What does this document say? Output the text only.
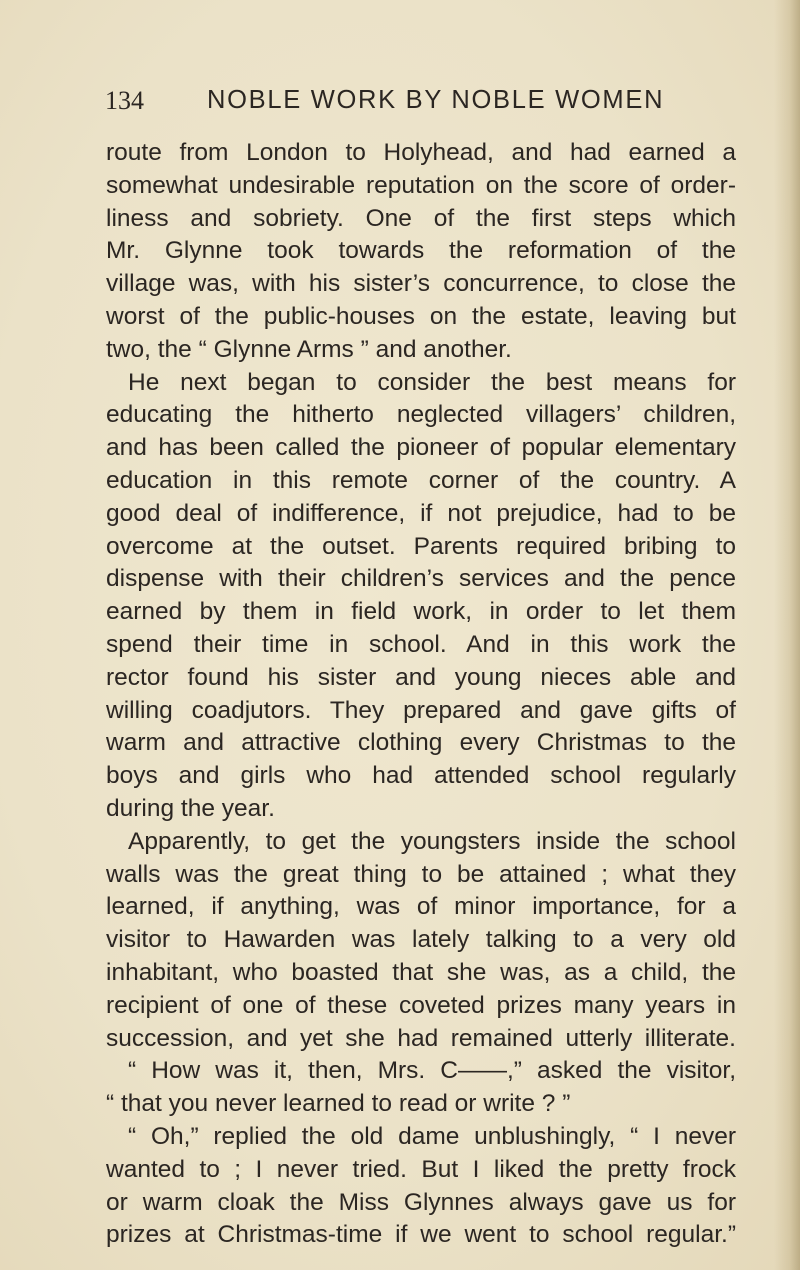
134 NOBLE WORK BY NOBLE WOMEN
route from London to Holyhead, and had earned a
somewhat undesirable reputation on the score of order-
liness and sobriety. One of the first steps which
Mr. Glynne took towards the reformation of the
village was, with his sister’s concurrence, to close the
worst of the public-houses on the estate, leaving but
two, the “ Glynne Arms ” and another.
He next began to consider the best means for
educating the hitherto neglected villagers’ children,
and has been called the pioneer of popular elementary
education in this remote corner of the country. A
good deal of indifference, if not prejudice, had to be
overcome at the outset. Parents required bribing to
dispense with their children’s services and the pence
earned by them in field work, in order to let them
spend their time in school. And in this work the
rector found his sister and young nieces able and
willing coadjutors. They prepared and gave gifts of
warm and attractive clothing every Christmas to the
boys and girls who had attended school regularly
during the year.
Apparently, to get the youngsters inside the school
walls was the great thing to be attained ; what they
learned, if anything, was of minor importance, for a
visitor to Hawarden was lately talking to a very old
inhabitant, who boasted that she was, as a child, the
recipient of one of these coveted prizes many years in
succession, and yet she had remained utterly illiterate.
“ How was it, then, Mrs. C——,” asked the visitor,
“ that you never learned to read or write ? ”
“ Oh,” replied the old dame unblushingly, “ I never
wanted to ; I never tried. But I liked the pretty frock
or warm cloak the Miss Glynnes always gave us for
prizes at Christmas-time if we went to school regular.”
